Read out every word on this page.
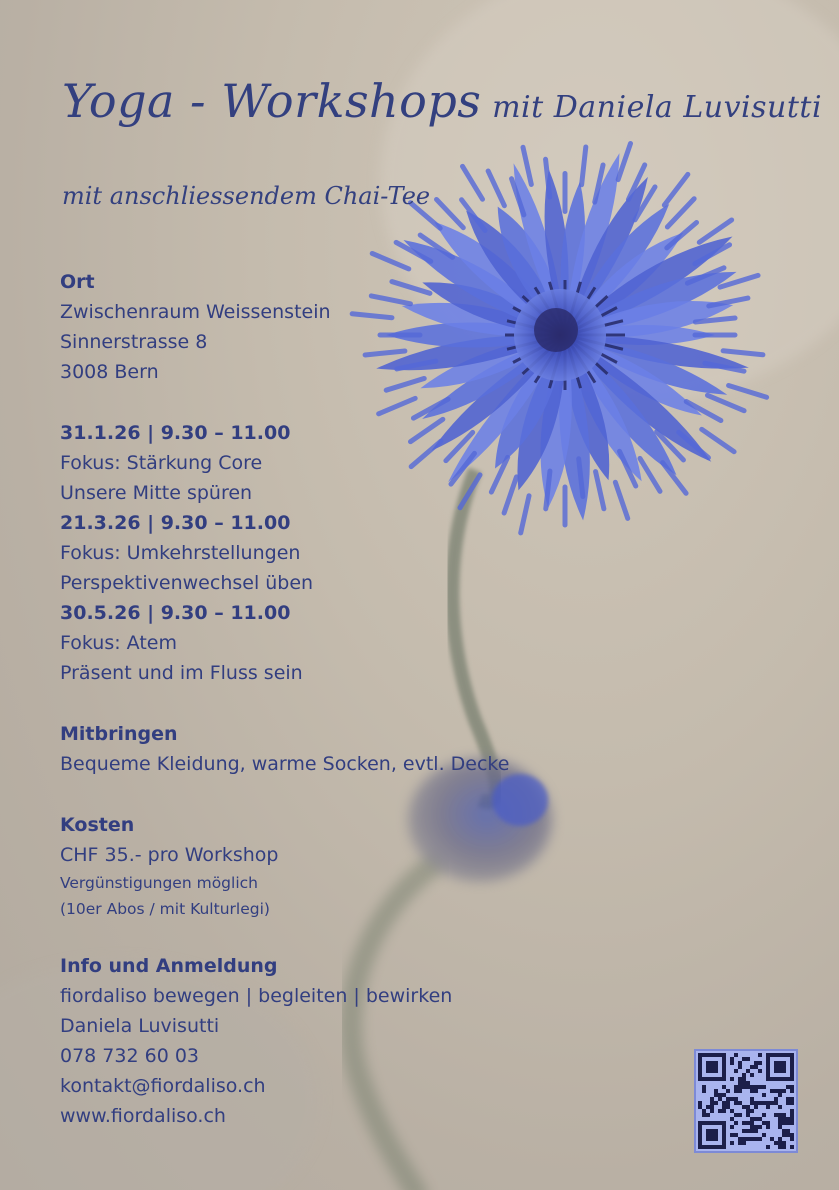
Yoga - Workshops mit Daniela Luvisutti
mit anschliessendem Chai-Tee
Ort
Zwischenraum Weissenstein
Sinnerstrasse 8
3008 Bern
31.1.26 | 9.30 – 11.00
Fokus: Stärkung Core
Unsere Mitte spüren
21.3.26 | 9.30 – 11.00
Fokus: Umkehrstellungen
Perspektivenwechsel üben
30.5.26 | 9.30 – 11.00
Fokus: Atem
Präsent und im Fluss sein
Mitbringen
Bequeme Kleidung, warme Socken, evtl. Decke
Kosten
CHF 35.- pro Workshop
Vergünstigungen möglich
(10er Abos / mit Kulturlegi)
Info und Anmeldung
fiordaliso bewegen | begleiten | bewirken
Daniela Luvisutti
078 732 60 03
kontakt@fiordaliso.ch
www.fiordaliso.ch
